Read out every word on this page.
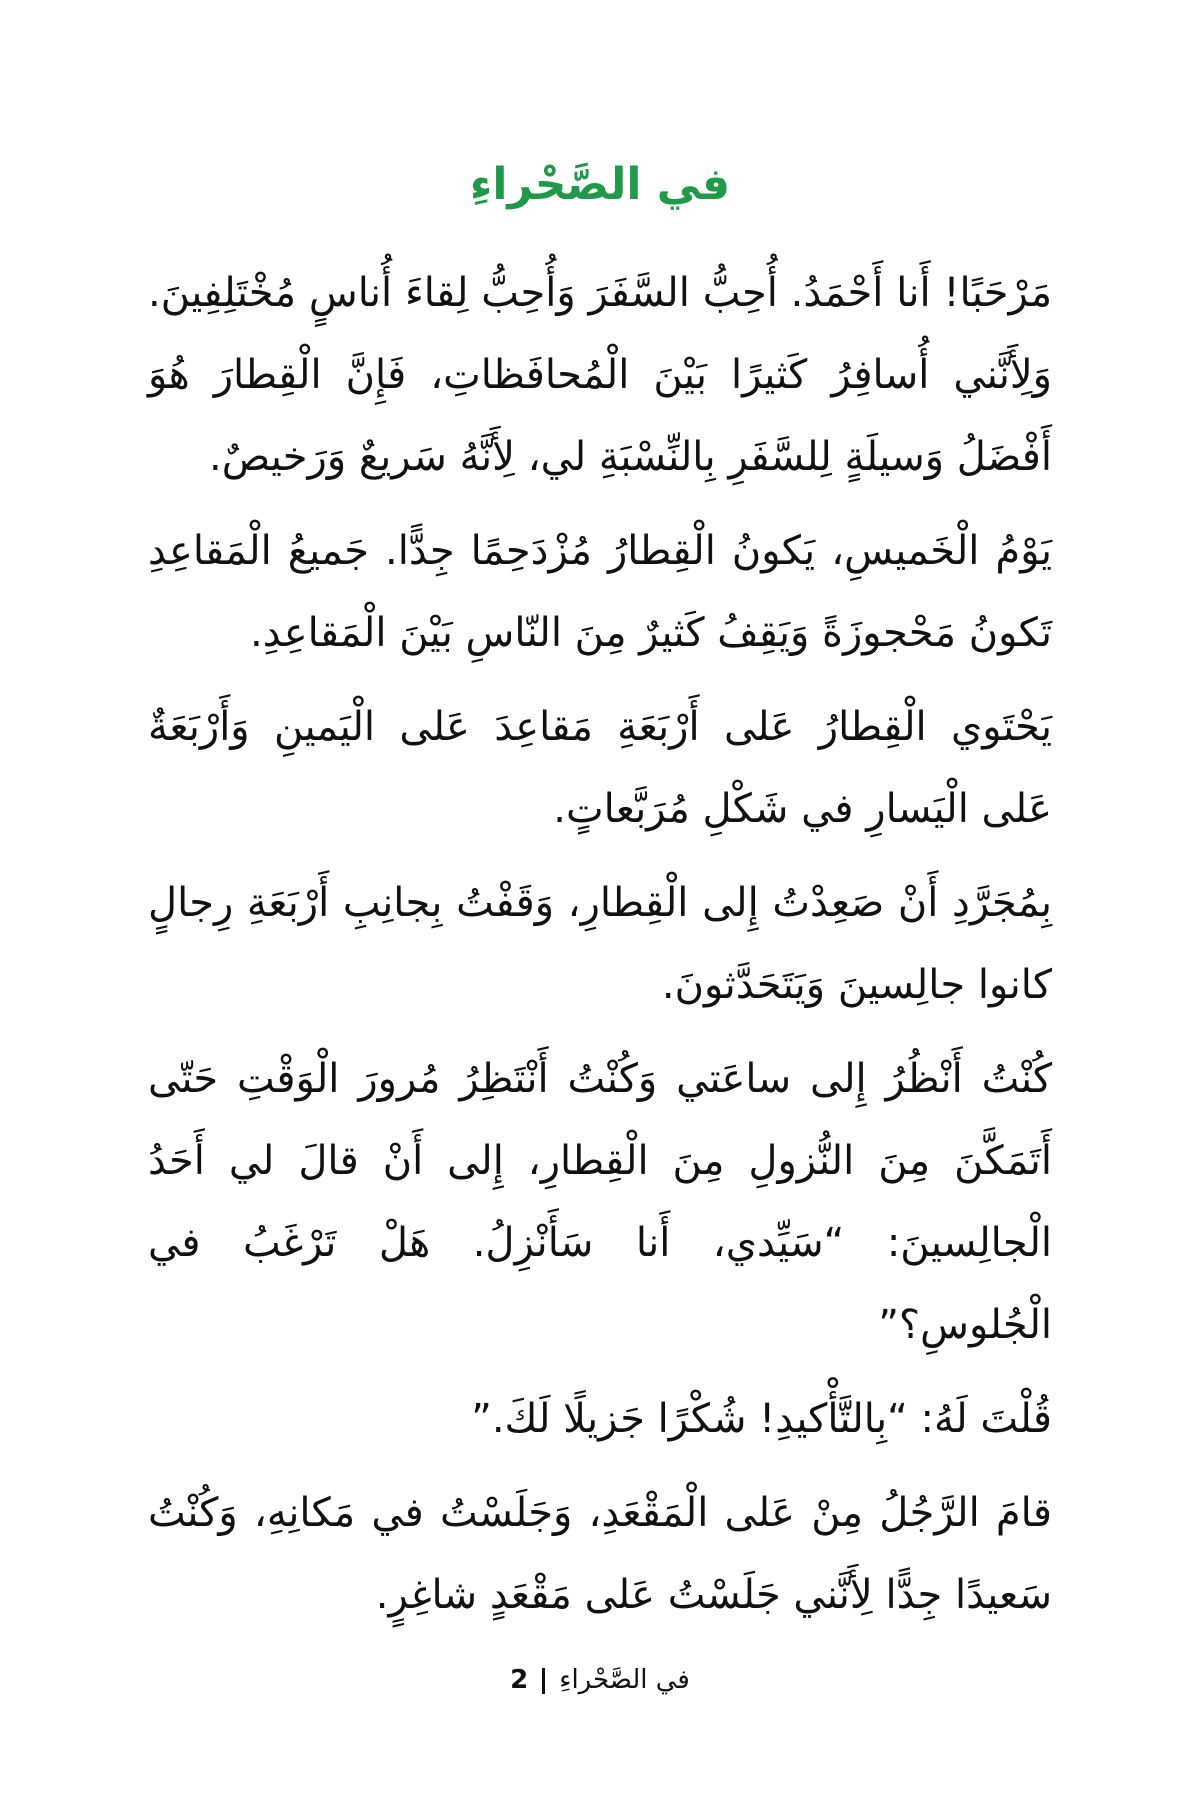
في الصَّحْراءِ

مَرْحَبًا! أَنا أَحْمَدُ. أُحِبُّ السَّفَرَ وَأُحِبُّ لِقاءَ أُناسٍ مُخْتَلِفِينَ. وَلِأَنَّني أُسافِرُ كَثيرًا بَيْنَ الْمُحافَظاتِ، فَإِنَّ الْقِطارَ هُوَ أَفْضَلُ وَسيلَةٍ لِلسَّفَرِ بِالنِّسْبَةِ لي، لِأَنَّهُ سَريعٌ وَرَخيصٌ.

يَوْمُ الْخَميسِ، يَكونُ الْقِطارُ مُزْدَحِمًا جِدًّا. جَميعُ الْمَقاعِدِ تَكونُ مَحْجوزَةً وَيَقِفُ كَثيرٌ مِنَ النّاسِ بَيْنَ الْمَقاعِدِ.

يَحْتَوي الْقِطارُ عَلى أَرْبَعَةِ مَقاعِدَ عَلى الْيَمينِ وَأَرْبَعَةٌ عَلى الْيَسارِ في شَكْلِ مُرَبَّعاتٍ.

بِمُجَرَّدِ أَنْ صَعِدْتُ إِلى الْقِطارِ، وَقَفْتُ بِجانِبِ أَرْبَعَةِ رِجالٍ كانوا جالِسينَ وَيَتَحَدَّثونَ.

كُنْتُ أَنْظُرُ إِلى ساعَتي وَكُنْتُ أَنْتَظِرُ مُرورَ الْوَقْتِ حَتّى أَتَمَكَّنَ مِنَ النُّزولِ مِنَ الْقِطارِ، إِلى أَنْ قالَ لي أَحَدُ الْجالِسينَ: “سَيِّدي، أَنا سَأَنْزِلُ. هَلْ تَرْغَبُ في الْجُلوسِ؟”

قُلْتَ لَهُ: “بِالتَّأْكيدِ! شُكْرًا جَزيلًا لَكَ.”

قامَ الرَّجُلُ مِنْ عَلى الْمَقْعَدِ، وَجَلَسْتُ في مَكانِهِ، وَكُنْتُ سَعيدًا جِدًّا لِأَنَّني جَلَسْتُ عَلى مَقْعَدٍ شاغِرٍ.

في الصَّحْراءِ2
